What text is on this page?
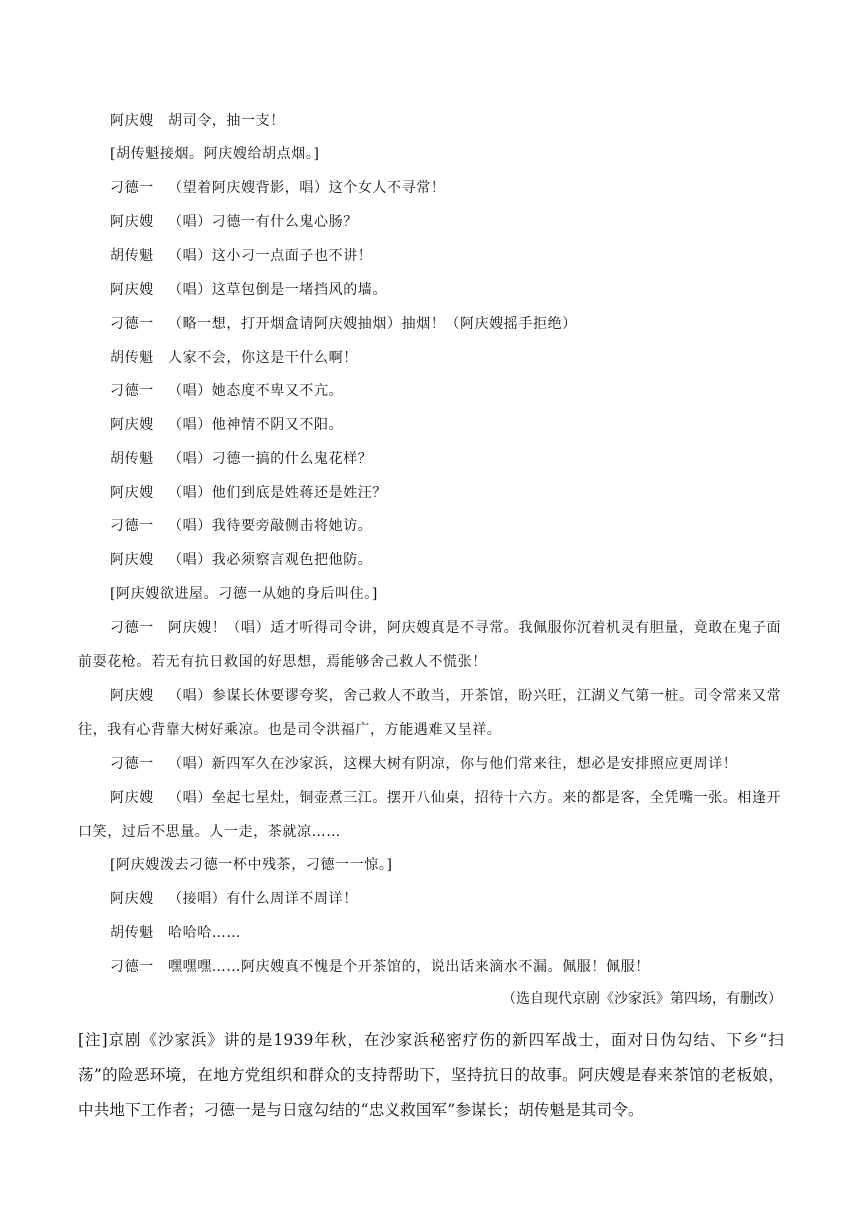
阿庆嫂 胡司令，抽一支！
[胡传魁接烟。阿庆嫂给胡点烟。]
刁德一 （望着阿庆嫂背影，唱）这个女人不寻常！
阿庆嫂 （唱）刁德一有什么鬼心肠？
胡传魁 （唱）这小刁一点面子也不讲！
阿庆嫂 （唱）这草包倒是一堵挡风的墙。
刁德一 （略一想，打开烟盒请阿庆嫂抽烟）抽烟！（阿庆嫂摇手拒绝）
胡传魁 人家不会，你这是干什么啊！
刁德一 （唱）她态度不卑又不亢。
阿庆嫂 （唱）他神情不阴又不阳。
胡传魁 （唱）刁德一搞的什么鬼花样？
阿庆嫂 （唱）他们到底是姓蒋还是姓汪？
刁德一 （唱）我待要旁敲侧击将她访。
阿庆嫂 （唱）我必须察言观色把他防。
[阿庆嫂欲进屋。刁德一从她的身后叫住。]
刁德一 阿庆嫂！（唱）适才听得司令讲，阿庆嫂真是不寻常。我佩服你沉着机灵有胆量，竟敢在鬼子面前耍花枪。若无有抗日救国的好思想，焉能够舍己救人不慌张！
阿庆嫂 （唱）参谋长休要谬夸奖，舍己救人不敢当，开茶馆，盼兴旺，江湖义气第一桩。司令常来又常往，我有心背靠大树好乘凉。也是司令洪福广，方能遇难又呈祥。
刁德一 （唱）新四军久在沙家浜，这棵大树有阴凉，你与他们常来往，想必是安排照应更周详！
阿庆嫂 （唱）垒起七星灶，铜壶煮三江。摆开八仙桌，招待十六方。来的都是客，全凭嘴一张。相逢开口笑，过后不思量。人一走，茶就凉……
[阿庆嫂泼去刁德一杯中残茶，刁德一一惊。]
阿庆嫂 （接唱）有什么周详不周详！
胡传魁 哈哈哈……
刁德一 嘿嘿嘿……阿庆嫂真不愧是个开茶馆的，说出话来滴水不漏。佩服！佩服！
（选自现代京剧《沙家浜》第四场，有删改）
[注]京剧《沙家浜》讲的是1939年秋，在沙家浜秘密疗伤的新四军战士，面对日伪勾结、下乡“扫荡”的险恶环境，在地方党组织和群众的支持帮助下，坚持抗日的故事。阿庆嫂是春来茶馆的老板娘，中共地下工作者；刁德一是与日寇勾结的“忠义救国军”参谋长；胡传魁是其司令。
